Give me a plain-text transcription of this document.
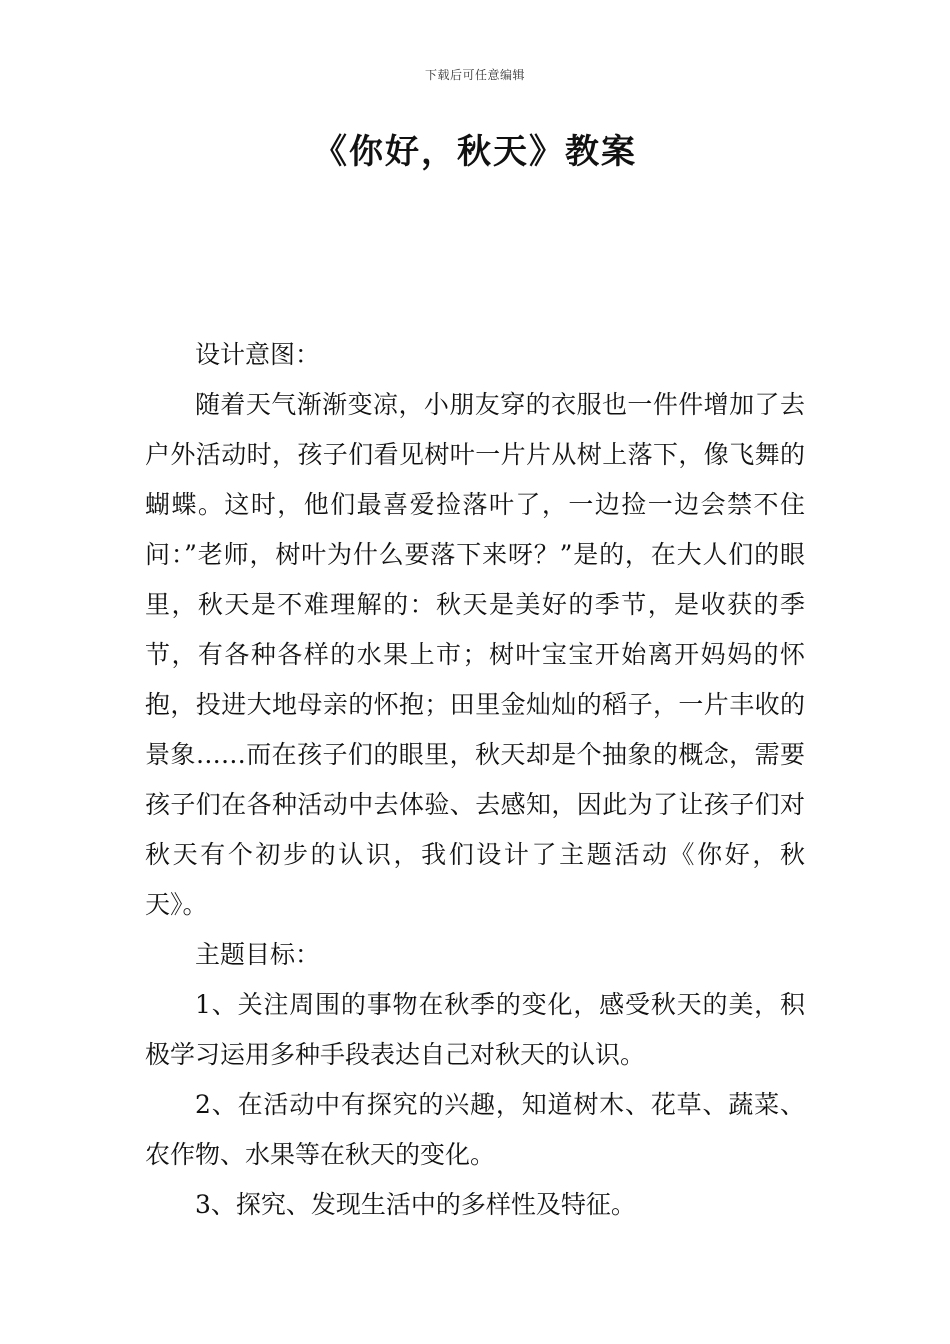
下载后可任意编辑
《你好，秋天》教案

设计意图：

随着天气渐渐变凉，小朋友穿的衣服也一件件增加了去户外活动时，孩子们看见树叶一片片从树上落下，像飞舞的蝴蝶。这时，他们最喜爱捡落叶了，一边捡一边会禁不住问：”老师，树叶为什么要落下来呀？”是的，在大人们的眼里，秋天是不难理解的：秋天是美好的季节，是收获的季节，有各种各样的水果上市；树叶宝宝开始离开妈妈的怀抱，投进大地母亲的怀抱；田里金灿灿的稻子，一片丰收的景象……而在孩子们的眼里，秋天却是个抽象的概念，需要孩子们在各种活动中去体验、去感知，因此为了让孩子们对秋天有个初步的认识，我们设计了主题活动《你好，秋天》。

主题目标：

1、关注周围的事物在秋季的变化，感受秋天的美，积极学习运用多种手段表达自己对秋天的认识。

2、在活动中有探究的兴趣，知道树木、花草、蔬菜、农作物、水果等在秋天的变化。

3、探究、发现生活中的多样性及特征。
